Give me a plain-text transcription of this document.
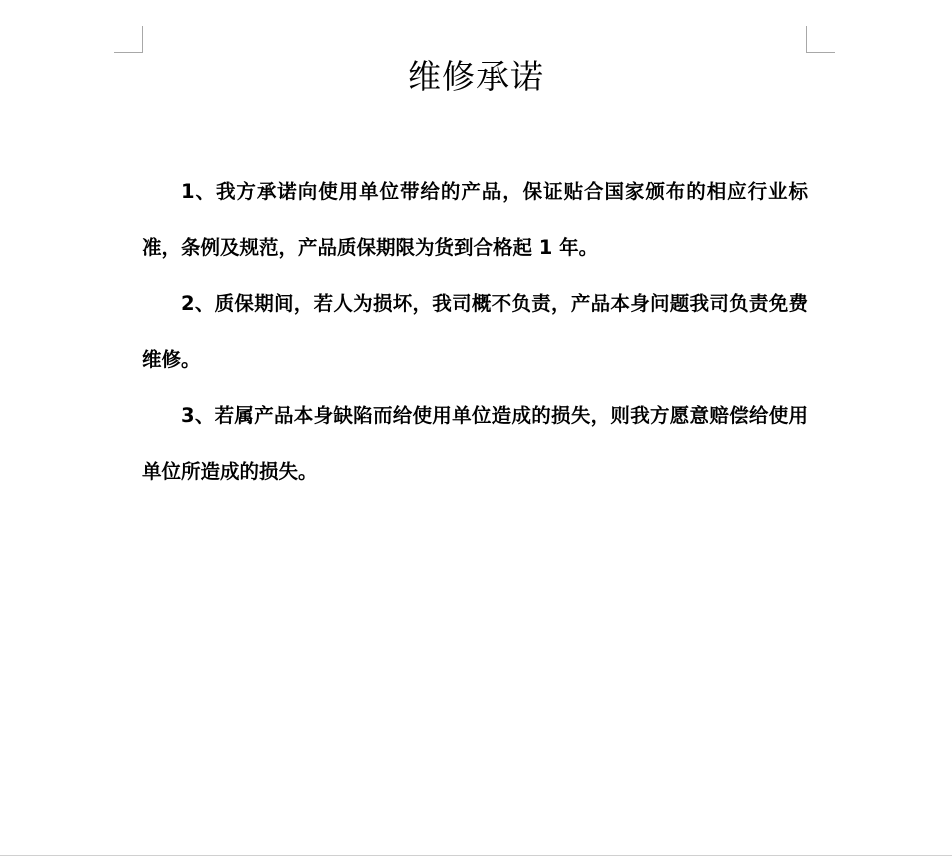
维修承诺

1、我方承诺向使用单位带给的产品，保证贴合国家颁布的相应行业标准，条例及规范，产品质保期限为货到合格起 1 年。

2、质保期间，若人为损坏，我司概不负责，产品本身问题我司负责免费维修。

3、若属产品本身缺陷而给使用单位造成的损失，则我方愿意赔偿给使用单位所造成的损失。
